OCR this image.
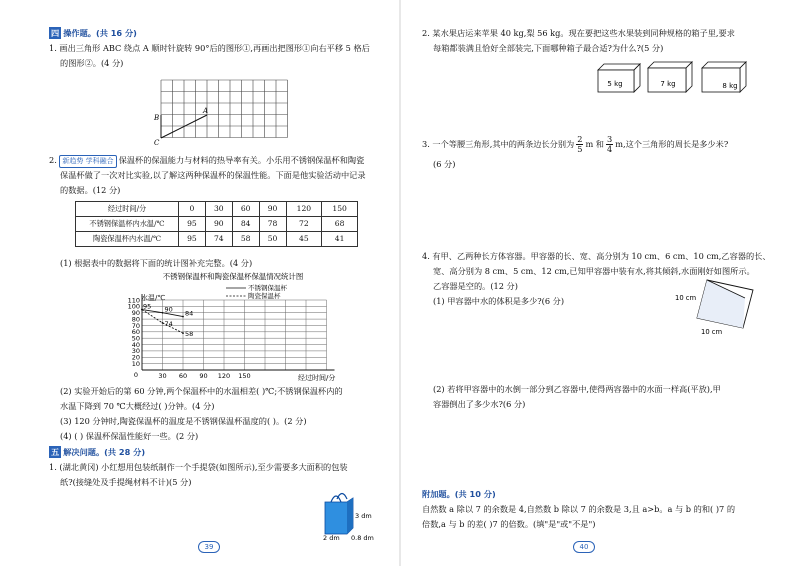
四 操作题。(共 16 分)
1. 画出三角形 ABC 绕点 A 顺时针旋转 90°后的图形①,再画出把图形①向右平移 5 格后
的图形②。(4 分)
A
B
C
2. 新趋势 学科融合 保温杯的保温能力与材料的热导率有关。小乐用不锈钢保温杯和陶瓷
保温杯做了一次对比实验,以了解这两种保温杯的保温性能。下面是他实验活动中记录
的数据。(12 分)
经过时间/分	0	30	60	90	120	150
不锈钢保温杯内水温/℃	95	90	84	78	72	68
陶瓷保温杯内水温/℃	95	74	58	50	45	41
(1) 根据表中的数据将下面的统计图补充完整。(4 分)
不锈钢保温杯和陶瓷保温杯保温情况统计图
不锈钢保温杯
陶瓷保温杯
水温/℃
10
20
30
40
50
60
70
80
90
100
110
0	30 60 90 120 150
95 90 84
74
58
经过时间/分
(2) 实验开始后的第 60 分钟,两个保温杯中的水温相差( )℃;不锈钢保温杯内的
水温下降到 70 ℃大概经过( )分钟。(4 分)
(3) 120 分钟时,陶瓷保温杯的温度是不锈钢保温杯温度的( )。(2 分)
(4) ( ) 保温杯保温性能好一些。(2 分)
五 解决问题。(共 28 分)
1. (湖北黄冈) 小红想用包装纸制作一个手提袋(如图所示),至少需要多大面积的包装
纸?(接缝处及手提绳材料不计)(5 分)
3 dm
2 dm 0.8 dm
39
2. 某水果店运来苹果 40 kg,梨 56 kg。现在要把这些水果装到同种规格的箱子里,要求
每箱都装满且恰好全部装完,下面哪种箱子最合适?为什么?(5 分)
5 kg	7 kg	8 kg
3. 一个等腰三角形,其中的两条边长分别为
2
5 m 和
3
4 m,这个三角形的周长是多少米?
(6 分)
4. 有甲、乙两种长方体容器。甲容器的长、宽、高分别为 10 cm、6 cm、10 cm,乙容器的长、
宽、高分别为 8 cm、5 cm、12 cm,已知甲容器中装有水,将其倾斜,水面刚好如图所示。
乙容器是空的。(12 分)
(1) 甲容器中水的体积是多少?(6 分)	10 cm
10 cm
(2) 若将甲容器中的水倒一部分到乙容器中,使得两容器中的水面一样高(平放),甲
容器倒出了多少水?(6 分)
附加题。(共 10 分)
自然数 a 除以 7 的余数是 4,自然数 b 除以 7 的余数是 3,且 a>b。a 与 b 的和( )7 的
倍数,a 与 b 的差( )7 的倍数。(填"是"或"不是")
40
